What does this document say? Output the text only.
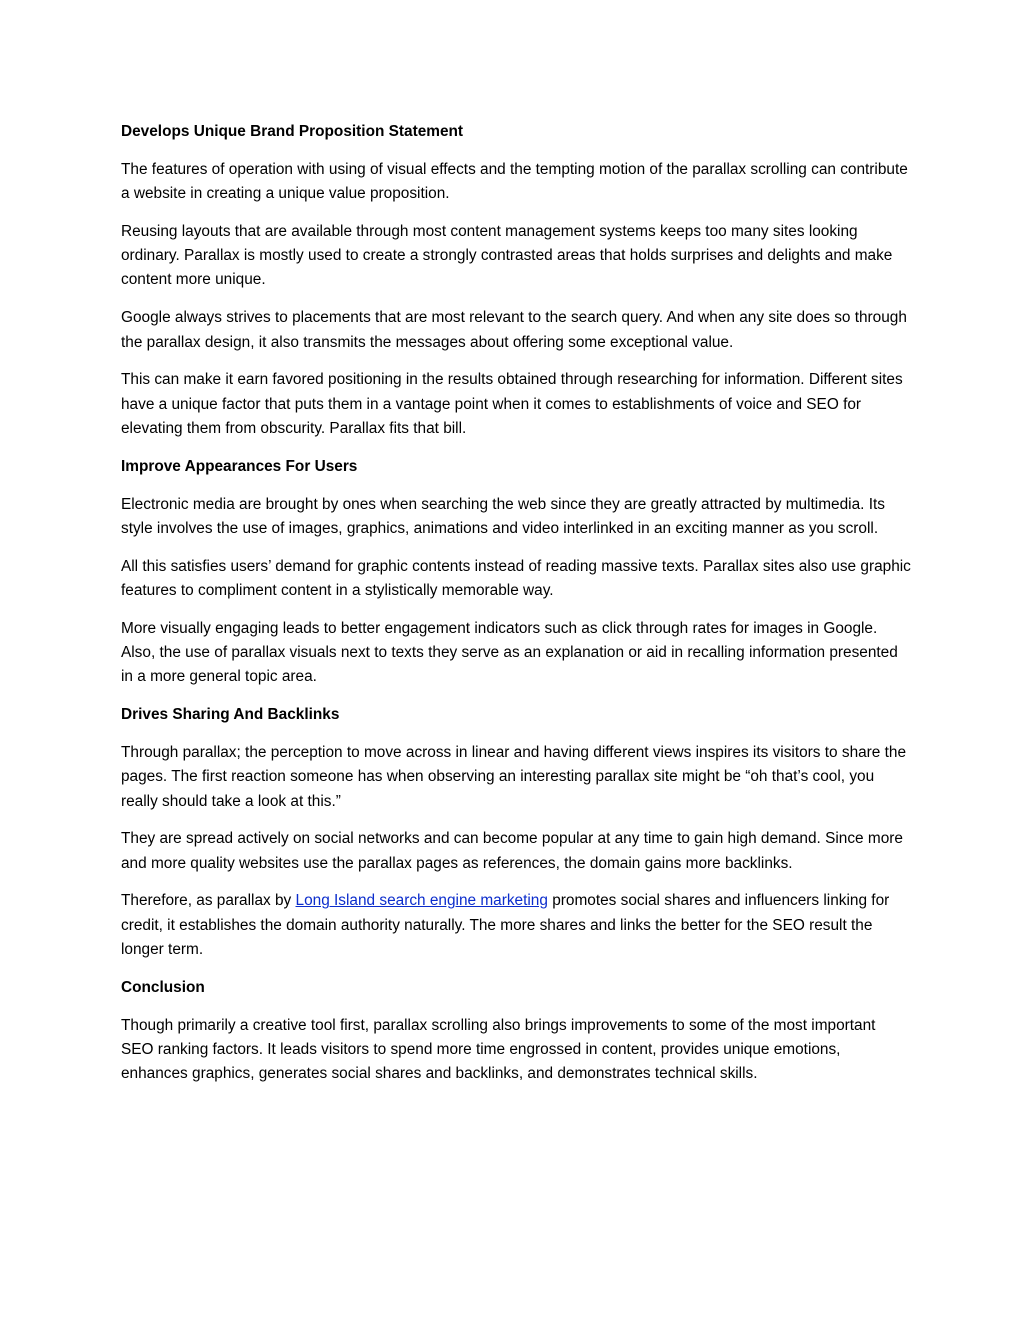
Develops Unique Brand Proposition Statement

The features of operation with using of visual effects and the tempting motion of the parallax scrolling can contribute a website in creating a unique value proposition.

Reusing layouts that are available through most content management systems keeps too many sites looking ordinary. Parallax is mostly used to create a strongly contrasted areas that holds surprises and delights and make content more unique.

Google always strives to placements that are most relevant to the search query. And when any site does so through the parallax design, it also transmits the messages about offering some exceptional value.

This can make it earn favored positioning in the results obtained through researching for information. Different sites have a unique factor that puts them in a vantage point when it comes to establishments of voice and SEO for elevating them from obscurity. Parallax fits that bill.

Improve Appearances For Users

Electronic media are brought by ones when searching the web since they are greatly attracted by multimedia. Its style involves the use of images, graphics, animations and video interlinked in an exciting manner as you scroll.

All this satisfies users’ demand for graphic contents instead of reading massive texts. Parallax sites also use graphic features to compliment content in a stylistically memorable way.

More visually engaging leads to better engagement indicators such as click through rates for images in Google. Also, the use of parallax visuals next to texts they serve as an explanation or aid in recalling information presented in a more general topic area.

Drives Sharing And Backlinks

Through parallax; the perception to move across in linear and having different views inspires its visitors to share the pages. The first reaction someone has when observing an interesting parallax site might be “oh that’s cool, you really should take a look at this.”

They are spread actively on social networks and can become popular at any time to gain high demand. Since more and more quality websites use the parallax pages as references, the domain gains more backlinks.

Therefore, as parallax by Long Island search engine marketing promotes social shares and influencers linking for credit, it establishes the domain authority naturally. The more shares and links the better for the SEO result the longer term.

Conclusion

Though primarily a creative tool first, parallax scrolling also brings improvements to some of the most important SEO ranking factors. It leads visitors to spend more time engrossed in content, provides unique emotions, enhances graphics, generates social shares and backlinks, and demonstrates technical skills.
